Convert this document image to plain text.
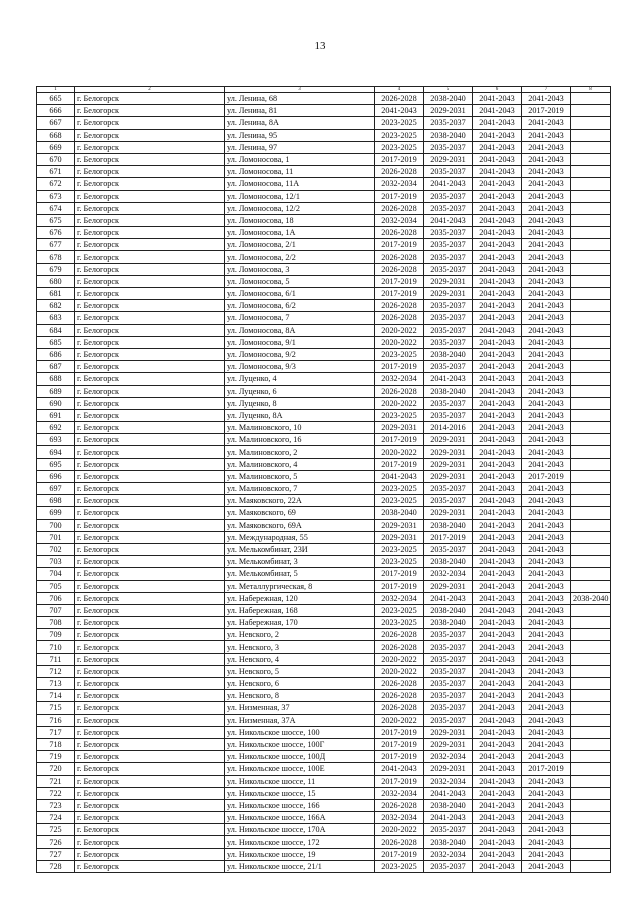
13
1	2	3	4	5	6	7	8
665	г. Белогорск	ул. Ленина, 68	2026-2028	2038-2040	2041-2043	2041-2043	
666	г. Белогорск	ул. Ленина, 81	2041-2043	2029-2031	2041-2043	2017-2019	
667	г. Белогорск	ул. Ленина, 8А	2023-2025	2035-2037	2041-2043	2041-2043	
668	г. Белогорск	ул. Ленина, 95	2023-2025	2038-2040	2041-2043	2041-2043	
669	г. Белогорск	ул. Ленина, 97	2023-2025	2035-2037	2041-2043	2041-2043	
670	г. Белогорск	ул. Ломоносова, 1	2017-2019	2029-2031	2041-2043	2041-2043	
671	г. Белогорск	ул. Ломоносова, 11	2026-2028	2035-2037	2041-2043	2041-2043	
672	г. Белогорск	ул. Ломоносова, 11А	2032-2034	2041-2043	2041-2043	2041-2043	
673	г. Белогорск	ул. Ломоносова, 12/1	2017-2019	2035-2037	2041-2043	2041-2043	
674	г. Белогорск	ул. Ломоносова, 12/2	2026-2028	2035-2037	2041-2043	2041-2043	
675	г. Белогорск	ул. Ломоносова, 18	2032-2034	2041-2043	2041-2043	2041-2043	
676	г. Белогорск	ул. Ломоносова, 1А	2026-2028	2035-2037	2041-2043	2041-2043	
677	г. Белогорск	ул. Ломоносова, 2/1	2017-2019	2035-2037	2041-2043	2041-2043	
678	г. Белогорск	ул. Ломоносова, 2/2	2026-2028	2035-2037	2041-2043	2041-2043	
679	г. Белогорск	ул. Ломоносова, 3	2026-2028	2035-2037	2041-2043	2041-2043	
680	г. Белогорск	ул. Ломоносова, 5	2017-2019	2029-2031	2041-2043	2041-2043	
681	г. Белогорск	ул. Ломоносова, 6/1	2017-2019	2029-2031	2041-2043	2041-2043	
682	г. Белогорск	ул. Ломоносова, 6/2	2026-2028	2035-2037	2041-2043	2041-2043	
683	г. Белогорск	ул. Ломоносова, 7	2026-2028	2035-2037	2041-2043	2041-2043	
684	г. Белогорск	ул. Ломоносова, 8А	2020-2022	2035-2037	2041-2043	2041-2043	
685	г. Белогорск	ул. Ломоносова, 9/1	2020-2022	2035-2037	2041-2043	2041-2043	
686	г. Белогорск	ул. Ломоносова, 9/2	2023-2025	2038-2040	2041-2043	2041-2043	
687	г. Белогорск	ул. Ломоносова, 9/3	2017-2019	2035-2037	2041-2043	2041-2043	
688	г. Белогорск	ул. Луценко, 4	2032-2034	2041-2043	2041-2043	2041-2043	
689	г. Белогорск	ул. Луценко, 6	2026-2028	2038-2040	2041-2043	2041-2043	
690	г. Белогорск	ул. Луценко, 8	2020-2022	2035-2037	2041-2043	2041-2043	
691	г. Белогорск	ул. Луценко, 8А	2023-2025	2035-2037	2041-2043	2041-2043	
692	г. Белогорск	ул. Малиновского, 10	2029-2031	2014-2016	2041-2043	2041-2043	
693	г. Белогорск	ул. Малиновского, 16	2017-2019	2029-2031	2041-2043	2041-2043	
694	г. Белогорск	ул. Малиновского, 2	2020-2022	2029-2031	2041-2043	2041-2043	
695	г. Белогорск	ул. Малиновского, 4	2017-2019	2029-2031	2041-2043	2041-2043	
696	г. Белогорск	ул. Малиновского, 5	2041-2043	2029-2031	2041-2043	2017-2019	
697	г. Белогорск	ул. Малиновского, 7	2023-2025	2035-2037	2041-2043	2041-2043	
698	г. Белогорск	ул. Маяковского, 22А	2023-2025	2035-2037	2041-2043	2041-2043	
699	г. Белогорск	ул. Маяковского, 69	2038-2040	2029-2031	2041-2043	2041-2043	
700	г. Белогорск	ул. Маяковского, 69А	2029-2031	2038-2040	2041-2043	2041-2043	
701	г. Белогорск	ул. Международная, 55	2029-2031	2017-2019	2041-2043	2041-2043	
702	г. Белогорск	ул. Мелькомбинат, 23И	2023-2025	2035-2037	2041-2043	2041-2043	
703	г. Белогорск	ул. Мелькомбинат, 3	2023-2025	2038-2040	2041-2043	2041-2043	
704	г. Белогорск	ул. Мелькомбинат, 5	2017-2019	2032-2034	2041-2043	2041-2043	
705	г. Белогорск	ул. Металлургическая, 8	2017-2019	2029-2031	2041-2043	2041-2043	
706	г. Белогорск	ул. Набережная, 120	2032-2034	2041-2043	2041-2043	2041-2043	2038-2040
707	г. Белогорск	ул. Набережная, 168	2023-2025	2038-2040	2041-2043	2041-2043	
708	г. Белогорск	ул. Набережная, 170	2023-2025	2038-2040	2041-2043	2041-2043	
709	г. Белогорск	ул. Невского, 2	2026-2028	2035-2037	2041-2043	2041-2043	
710	г. Белогорск	ул. Невского, 3	2026-2028	2035-2037	2041-2043	2041-2043	
711	г. Белогорск	ул. Невского, 4	2020-2022	2035-2037	2041-2043	2041-2043	
712	г. Белогорск	ул. Невского, 5	2020-2022	2035-2037	2041-2043	2041-2043	
713	г. Белогорск	ул. Невского, 6	2026-2028	2035-2037	2041-2043	2041-2043	
714	г. Белогорск	ул. Невского, 8	2026-2028	2035-2037	2041-2043	2041-2043	
715	г. Белогорск	ул. Низменная, 37	2026-2028	2035-2037	2041-2043	2041-2043	
716	г. Белогорск	ул. Низменная, 37А	2020-2022	2035-2037	2041-2043	2041-2043	
717	г. Белогорск	ул. Никольское шоссе, 100	2017-2019	2029-2031	2041-2043	2041-2043	
718	г. Белогорск	ул. Никольское шоссе, 100Г	2017-2019	2029-2031	2041-2043	2041-2043	
719	г. Белогорск	ул. Никольское шоссе, 100Д	2017-2019	2032-2034	2041-2043	2041-2043	
720	г. Белогорск	ул. Никольское шоссе, 100Е	2041-2043	2029-2031	2041-2043	2017-2019	
721	г. Белогорск	ул. Никольское шоссе, 11	2017-2019	2032-2034	2041-2043	2041-2043	
722	г. Белогорск	ул. Никольское шоссе, 15	2032-2034	2041-2043	2041-2043	2041-2043	
723	г. Белогорск	ул. Никольское шоссе, 166	2026-2028	2038-2040	2041-2043	2041-2043	
724	г. Белогорск	ул. Никольское шоссе, 166А	2032-2034	2041-2043	2041-2043	2041-2043	
725	г. Белогорск	ул. Никольское шоссе, 170А	2020-2022	2035-2037	2041-2043	2041-2043	
726	г. Белогорск	ул. Никольское шоссе, 172	2026-2028	2038-2040	2041-2043	2041-2043	
727	г. Белогорск	ул. Никольское шоссе, 19	2017-2019	2032-2034	2041-2043	2041-2043	
728	г. Белогорск	ул. Никольское шоссе, 21/1	2023-2025	2035-2037	2041-2043	2041-2043	
